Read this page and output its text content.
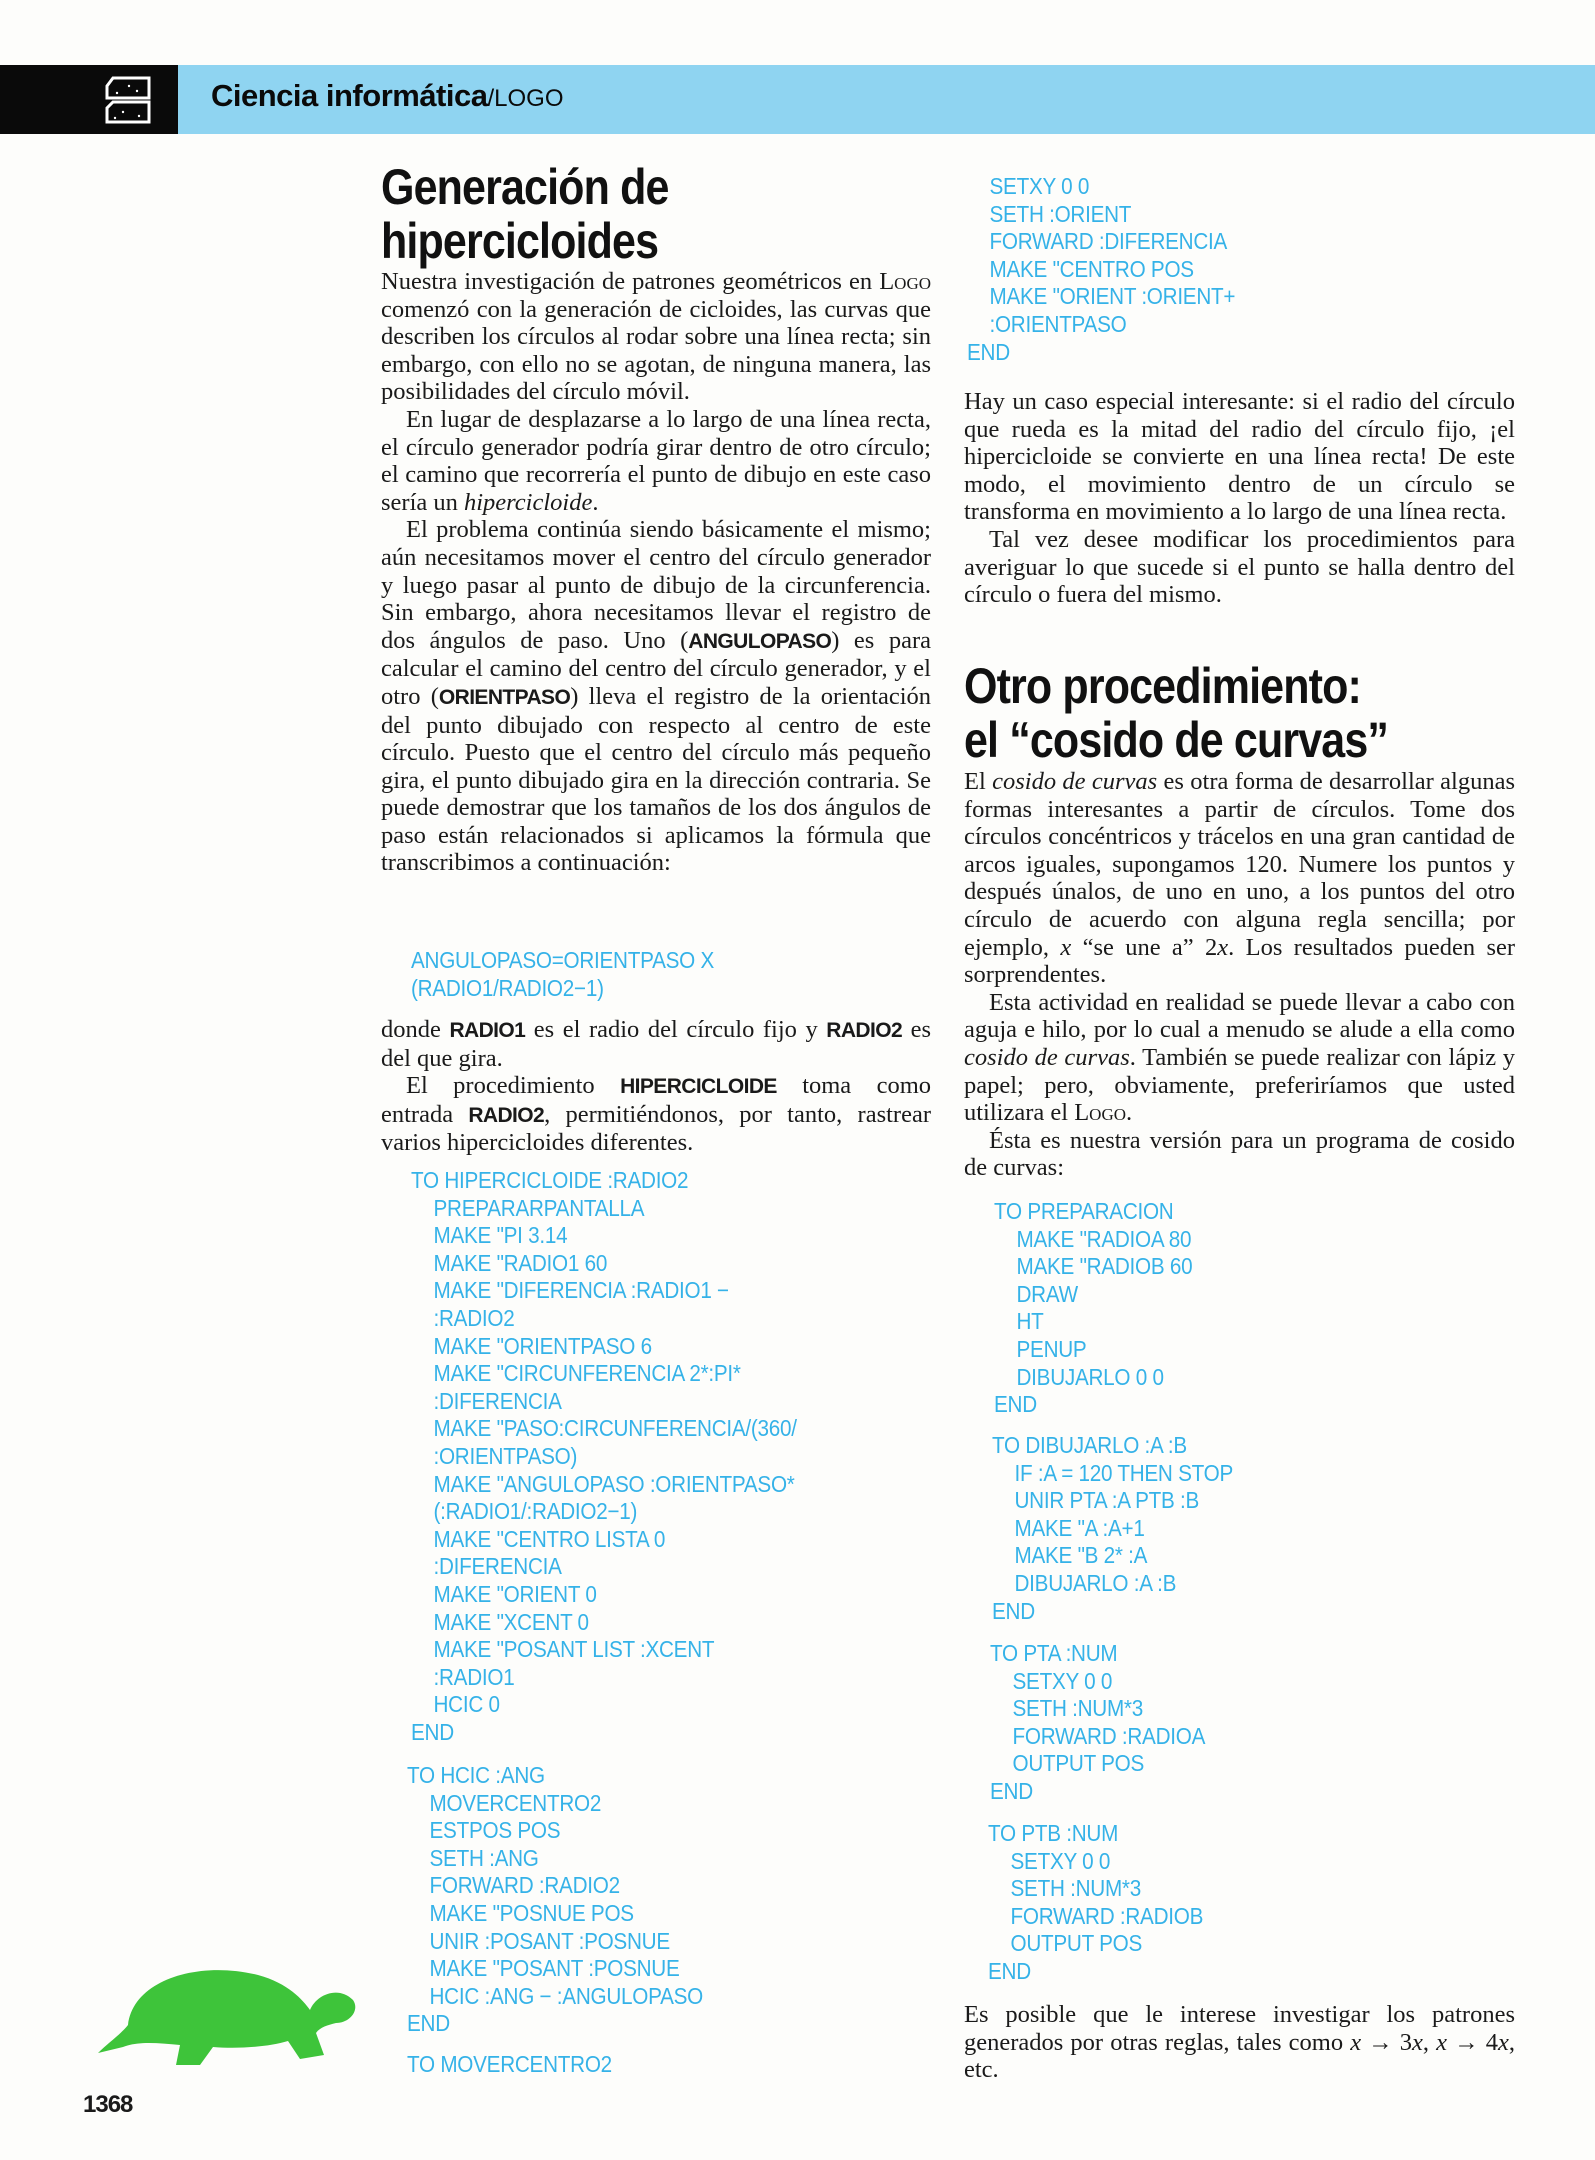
Ciencia informática/LOGO
Generación de
hipercicloides

Nuestra investigación de patrones geométricos en Logo comenzó con la generación de cicloides, las curvas que describen los círculos al rodar sobre una línea recta; sin embargo, con ello no se agotan, de ninguna manera, las posibilidades del círculo móvil.

En lugar de desplazarse a lo largo de una línea recta, el círculo generador podría girar dentro de otro círculo; el camino que recorrería el punto de dibujo en este caso sería un hipercicloide.

El problema continúa siendo básicamente el mismo; aún necesitamos mover el centro del círculo generador y luego pasar al punto de dibujo de la circunferencia. Sin embargo, ahora necesitamos llevar el registro de dos ángulos de paso. Uno (ANGULOPASO) es para calcular el camino del centro del círculo generador, y el otro (ORIENTPASO) lleva el registro de la orientación del punto dibujado con respecto al centro de este círculo. Puesto que el centro del círculo más pequeño gira, el punto dibujado gira en la dirección contraria. Se puede demostrar que los tamaños de los dos ángulos de paso están relacionados si aplicamos la fórmula que transcribimos a continuación:

ANGULOPASO=ORIENTPASO X
(RADIO1/RADIO2−1)

donde RADIO1 es el radio del círculo fijo y RADIO2 es del que gira.

El procedimiento HIPERCICLOIDE toma como entrada RADIO2, permitiéndonos, por tanto, rastrear varios hipercicloides diferentes.

TO HIPERCICLOIDE :RADIO2
PREPARARPANTALLA
MAKE "PI 3.14
MAKE "RADIO1 60
MAKE "DIFERENCIA :RADIO1 −
:RADIO2
MAKE "ORIENTPASO 6
MAKE "CIRCUNFERENCIA 2*:PI*
:DIFERENCIA
MAKE "PASO:CIRCUNFERENCIA/(360/
:ORIENTPASO)
MAKE "ANGULOPASO :ORIENTPASO*
(:RADIO1/:RADIO2−1)
MAKE "CENTRO LISTA 0
:DIFERENCIA
MAKE "ORIENT 0
MAKE "XCENT 0
MAKE "POSANT LIST :XCENT
:RADIO1
HCIC 0
END
TO HCIC :ANG
MOVERCENTRO2
ESTPOS POS
SETH :ANG
FORWARD :RADIO2
MAKE "POSNUE POS
UNIR :POSANT :POSNUE
MAKE "POSANT :POSNUE
HCIC :ANG − :ANGULOPASO
END
TO MOVERCENTRO2
SETXY 0 0
SETH :ORIENT
FORWARD :DIFERENCIA
MAKE "CENTRO POS
MAKE "ORIENT :ORIENT+
:ORIENTPASO
END

Hay un caso especial interesante: si el radio del círculo que rueda es la mitad del radio del círculo fijo, ¡el hipercicloide se convierte en una línea recta! De este modo, el movimiento dentro de un círculo se transforma en movimiento a lo largo de una línea recta.

Tal vez desee modificar los procedimientos para averiguar lo que sucede si el punto se halla dentro del círculo o fuera del mismo.

Otro procedimiento:
el “cosido de curvas”

El cosido de curvas es otra forma de desarrollar algunas formas interesantes a partir de círculos. Tome dos círculos concéntricos y trácelos en una gran cantidad de arcos iguales, supongamos 120. Numere los puntos y después únalos, de uno en uno, a los puntos del otro círculo de acuerdo con alguna regla sencilla; por ejemplo, x “se une a” 2x. Los resultados pueden ser sorprendentes.

Esta actividad en realidad se puede llevar a cabo con aguja e hilo, por lo cual a menudo se alude a ella como cosido de curvas. También se puede realizar con lápiz y papel; pero, obviamente, preferiríamos que usted utilizara el Logo.

Ésta es nuestra versión para un programa de cosido de curvas:

TO PREPARACION
MAKE "RADIOA 80
MAKE "RADIOB 60
DRAW
HT
PENUP
DIBUJARLO 0 0
END
TO DIBUJARLO :A :B
IF :A = 120 THEN STOP
UNIR PTA :A PTB :B
MAKE "A :A+1
MAKE "B 2* :A
DIBUJARLO :A :B
END
TO PTA :NUM
SETXY 0 0
SETH :NUM*3
FORWARD :RADIOA
OUTPUT POS
END
TO PTB :NUM
SETXY 0 0
SETH :NUM*3
FORWARD :RADIOB
OUTPUT POS
END

Es posible que le interese investigar los patrones generados por otras reglas, tales como x → 3x, x → 4x, etc.

1368
